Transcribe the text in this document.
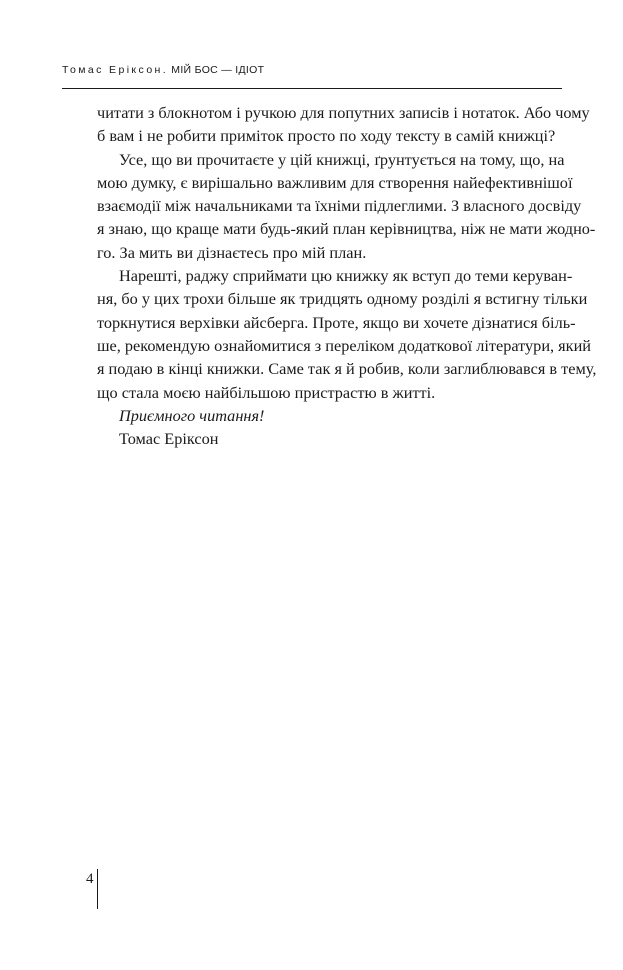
Томас Еріксон. МІЙ БОС — ІДІОТ
читати з блокнотом і ручкою для попутних записів і нотаток. Або чому
б вам і не робити приміток просто по ходу тексту в самій книжці?
Усе, що ви прочитаєте у цій книжці, ґрунтується на тому, що, на
мою думку, є вирішально важливим для створення найефективнішої
взаємодії між начальниками та їхніми підлеглими. З власного досвіду
я знаю, що краще мати будь-який план керівництва, ніж не мати жодно-
го. За мить ви дізнаєтесь про мій план.
Нарешті, раджу сприймати цю книжку як вступ до теми керуван-
ня, бо у цих трохи більше як тридцять одному розділі я встигну тільки
торкнутися верхівки айсберга. Проте, якщо ви хочете дізнатися біль-
ше, рекомендую ознайомитися з переліком додаткової літератури, який
я подаю в кінці книжки. Саме так я й робив, коли заглиблювався в тему,
що стала моєю найбільшою пристрастю в житті.
Приємного читання!
Томас Еріксон
4
